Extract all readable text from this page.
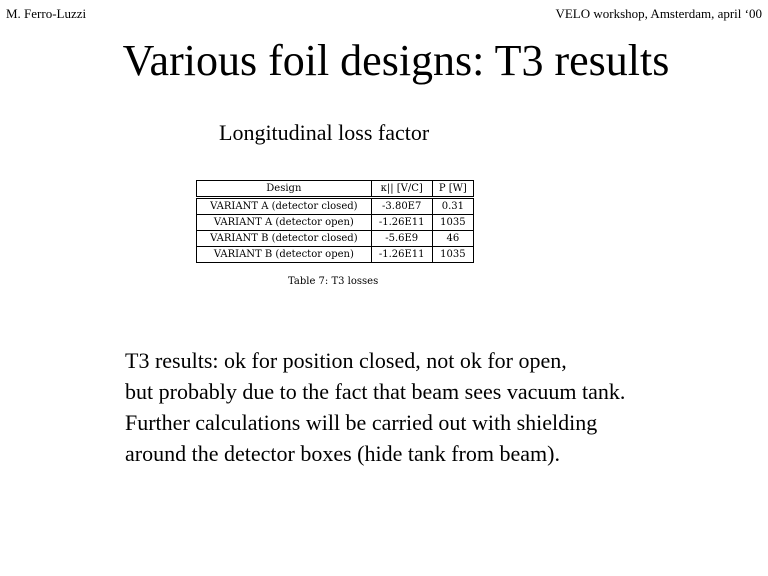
M. Ferro-Luzzi	VELO workshop, Amsterdam, april ‘00
Various foil designs: T3 results
Longitudinal loss factor
Design	κ|| [V/C]	P [W]
VARIANT A (detector closed)	-3.80E7	0.31
VARIANT A (detector open)	-1.26E11	1035
VARIANT B (detector closed)	-5.6E9	46
VARIANT B (detector open)	-1.26E11	1035
Table 7: T3 losses
T3 results: ok for position closed, not ok for open,
but probably due to the fact that beam sees vacuum tank.
Further calculations will be carried out with shielding
around the detector boxes (hide tank from beam).
